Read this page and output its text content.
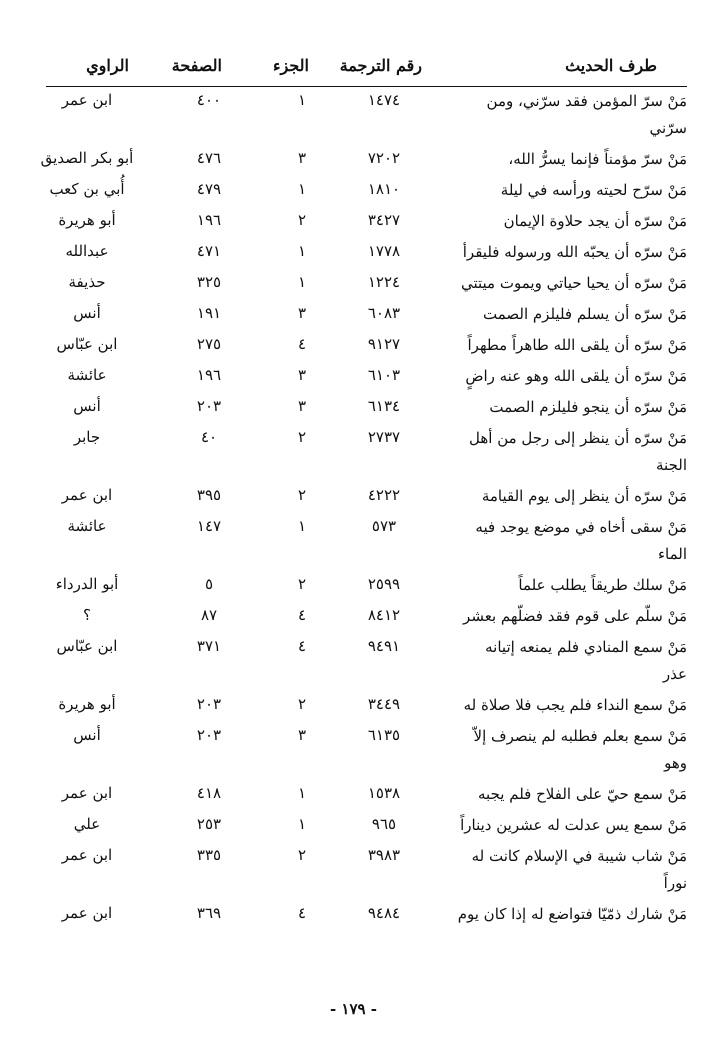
طرف الحديث
رقم الترجمة
الجزء
الصفحة
الراوي
مَنْ سرّ المؤمن فقد سرّني، ومن سرّني
١٤٧٤
١
٤٠٠
ابن عمر
مَنْ سرّ مؤمناً فإنما يسرُّ الله،
٧٢٠٢
٣
٤٧٦
أبو بكر الصديق
مَنْ سرّح لحيته ورأسه في ليلة
١٨١٠
١
٤٧٩
أُبي بن كعب
مَنْ سرّه أن يجد حلاوة الإيمان
٣٤٢٧
٢
١٩٦
أبو هريرة
مَنْ سرّه أن يحبّه الله ورسوله فليقرأ
١٧٧٨
١
٤٧١
عبدالله
مَنْ سرّه أن يحيا حياتي ويموت ميتتي
١٢٢٤
١
٣٢٥
حذيفة
مَنْ سرّه أن يسلم فليلزم الصمت
٦٠٨٣
٣
١٩١
أنس
مَنْ سرّه أن يلقى الله طاهراً مطهراً
٩١٢٧
٤
٢٧٥
ابن عبّاس
مَنْ سرّه أن يلقى الله وهو عنه راضٍ
٦١٠٣
٣
١٩٦
عائشة
مَنْ سرّه أن ينجو فليلزم الصمت
٦١٣٤
٣
٢٠٣
أنس
مَنْ سرّه أن ينظر إلى رجل من أهل الجنة
٢٧٣٧
٢
٤٠
جابر
مَنْ سرّه أن ينظر إلى يوم القيامة
٤٢٢٢
٢
٣٩٥
ابن عمر
مَنْ سقى أخاه في موضع يوجد فيه الماء
٥٧٣
١
١٤٧
عائشة
مَنْ سلك طريقاً يطلب علماً
٢٥٩٩
٢
٥
أبو الدرداء
مَنْ سلّم على قوم فقد فضلّهم بعشر
٨٤١٢
٤
٨٧
؟
مَنْ سمع المنادي فلم يمنعه إتيانه عذر
٩٤٩١
٤
٣٧١
ابن عبّاس
مَنْ سمع النداء فلم يجب فلا صلاة له
٣٤٤٩
٢
٢٠٣
أبو هريرة
مَنْ سمع بعلم فطلبه لم ينصرف إلاّ وهو
٦١٣٥
٣
٢٠٣
أنس
مَنْ سمع حيّ على الفلاح فلم يجبه
١٥٣٨
١
٤١٨
ابن عمر
مَنْ سمع يس عدلت له عشرين ديناراً
٩٦٥
١
٢٥٣
علي
مَنْ شاب شيبة في الإسلام كانت له نوراً
٣٩٨٣
٢
٣٣٥
ابن عمر
مَنْ شارك ذمّيّا فتواضع له إذا كان يوم
٩٤٨٤
٤
٣٦٩
ابن عمر
- ١٧٩ -
